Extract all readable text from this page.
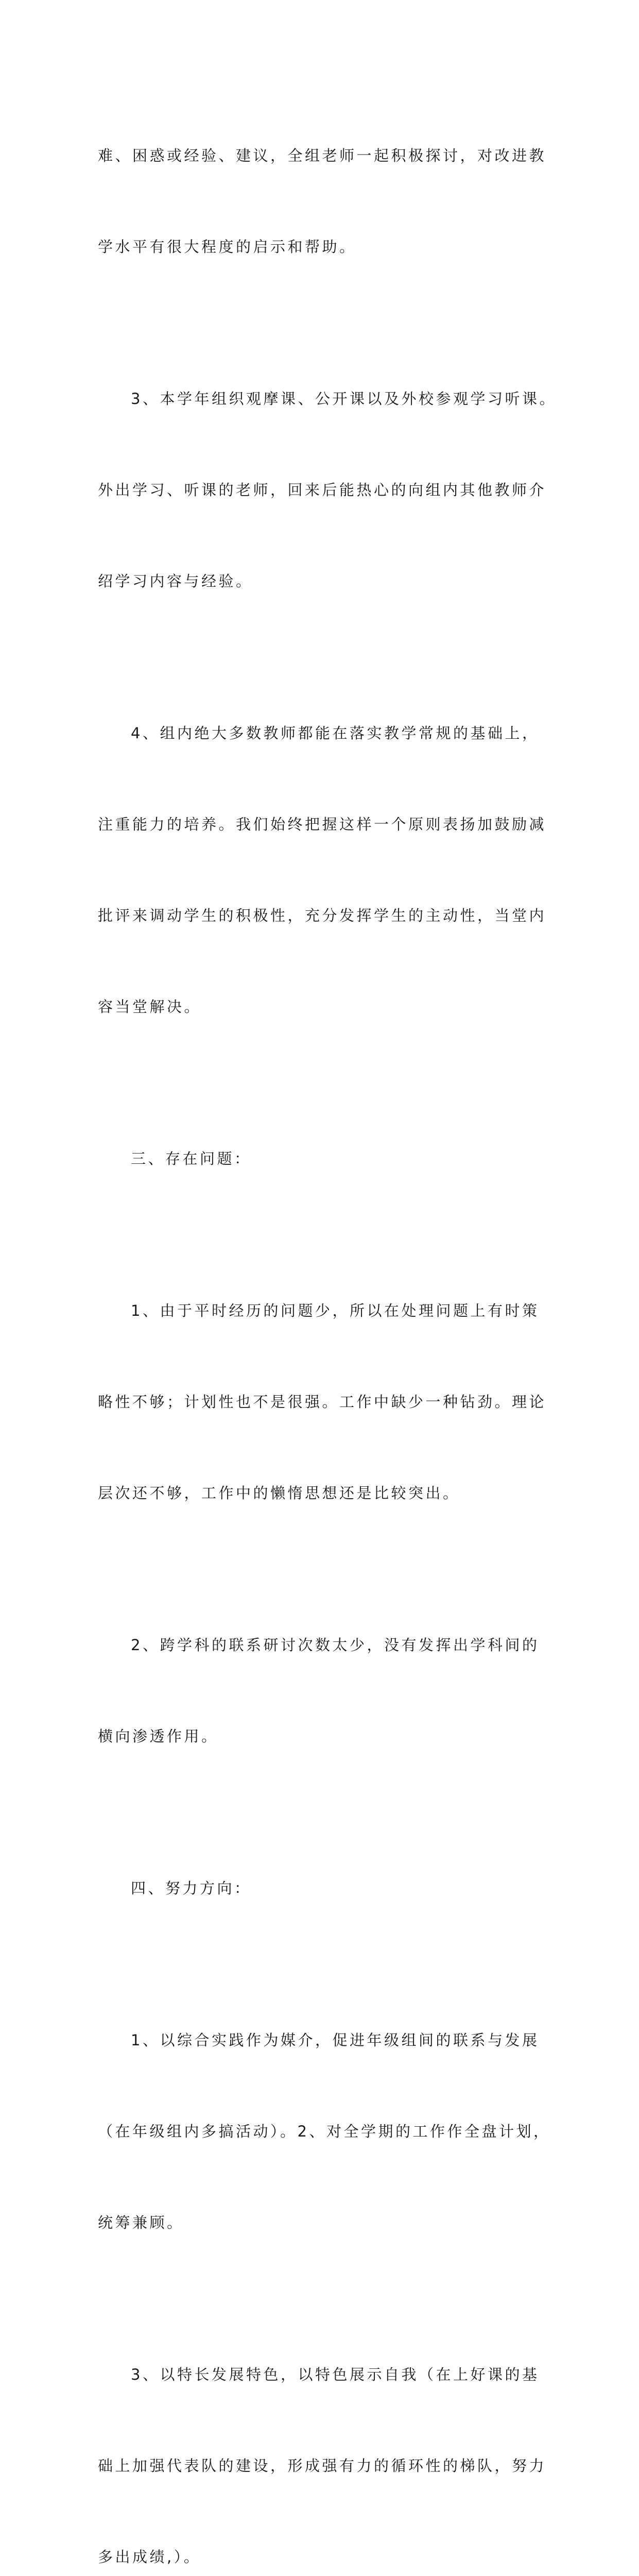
难、困惑或经验、建议，全组老师一起积极探讨，对改进教

学水平有很大程度的启示和帮助。

3、本学年组织观摩课、公开课以及外校参观学习听课。

外出学习、听课的老师，回来后能热心的向组内其他教师介

绍学习内容与经验。

4、组内绝大多数教师都能在落实教学常规的基础上，

注重能力的培养。我们始终把握这样一个原则表扬加鼓励减

批评来调动学生的积极性，充分发挥学生的主动性，当堂内

容当堂解决。

三、存在问题：

1、由于平时经历的问题少，所以在处理问题上有时策

略性不够；计划性也不是很强。工作中缺少一种钻劲。理论

层次还不够，工作中的懒惰思想还是比较突出。

2、跨学科的联系研讨次数太少，没有发挥出学科间的

横向渗透作用。

四、努力方向：

1、以综合实践作为媒介，促进年级组间的联系与发展

（在年级组内多搞活动）。2、对全学期的工作作全盘计划，

统筹兼顾。

3、以特长发展特色，以特色展示自我（在上好课的基

础上加强代表队的建设，形成强有力的循环性的梯队，努力

多出成绩,）。
